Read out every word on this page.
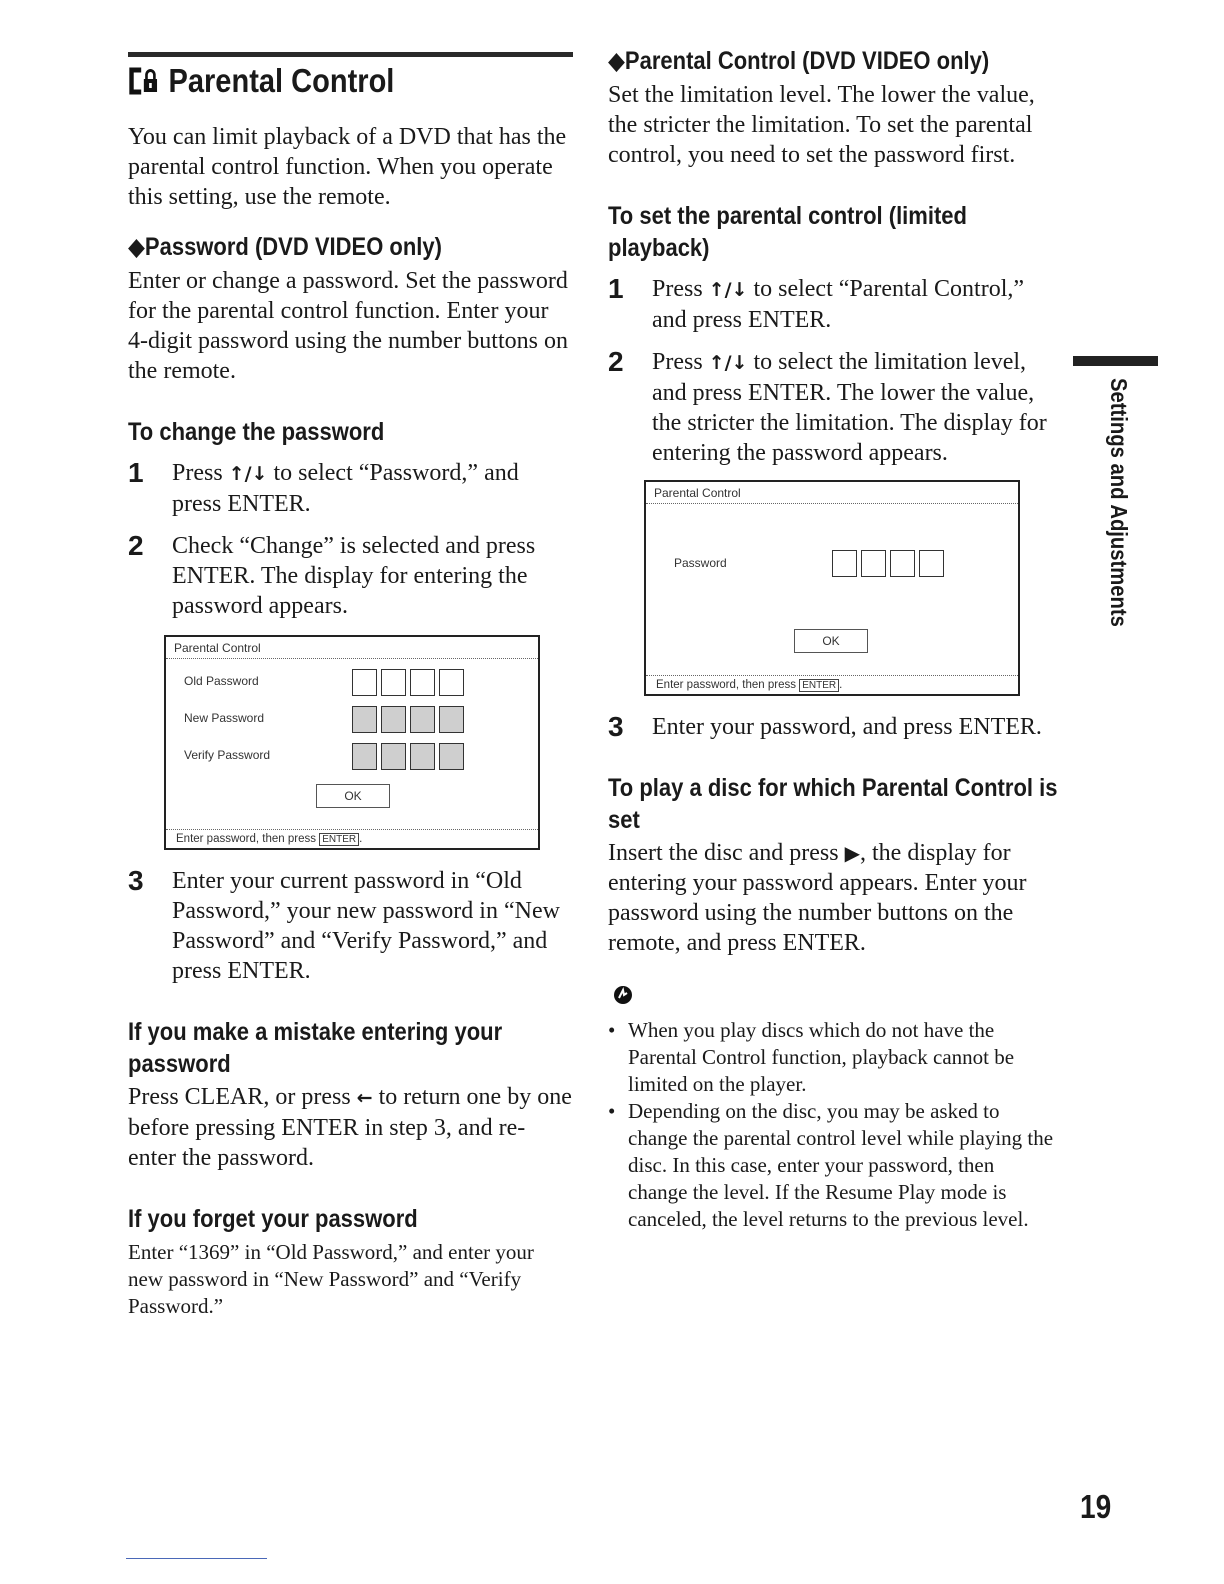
Parental Control

You can limit playback of a DVD that has the parental control function. When you operate this setting, use the remote.

◆Password (DVD VIDEO only)

Enter or change a password. Set the password for the parental control function. Enter your 4-digit password using the number buttons on the remote.

To change the password
1	Press ↑/↓ to select “Password,” and press ENTER.

2	Check “Change” is selected and press ENTER. The display for entering the password appears.

Parental Control
Old Password
New Password
Verify Password
OK
Enter password, then press ENTER .
3	Enter your current password in “Old Password,” your new password in “New Password” and “Verify Password,” and press ENTER.

If you make a mistake entering your password

Press CLEAR, or press ← to return one by one before pressing ENTER in step 3, and re-enter the password.

If you forget your password

Enter “1369” in “Old Password,” and enter your new password in “New Password” and “Verify Password.”

◆Parental Control (DVD VIDEO only)

Set the limitation level. The lower the value, the stricter the limitation. To set the parental control, you need to set the password first.

To set the parental control (limited playback)
1	Press ↑/↓ to select “Parental Control,” and press ENTER.

2	Press ↑/↓ to select the limitation level, and press ENTER. The lower the value, the stricter the limitation. The display for entering the password appears.

Parental Control
Password
OK
Enter password, then press ENTER .
3	Enter your password, and press ENTER.

To play a disc for which Parental Control is set

Insert the disc and press ▶, the display for entering your password appears. Enter your password using the number buttons on the remote, and press ENTER.

• When you play discs which do not have the Parental Control function, playback cannot be limited on the player.
• Depending on the disc, you may be asked to change the parental control level while playing the disc. In this case, enter your password, then change the level. If the Resume Play mode is canceled, the level returns to the previous level.
Settings and Adjustments
19
